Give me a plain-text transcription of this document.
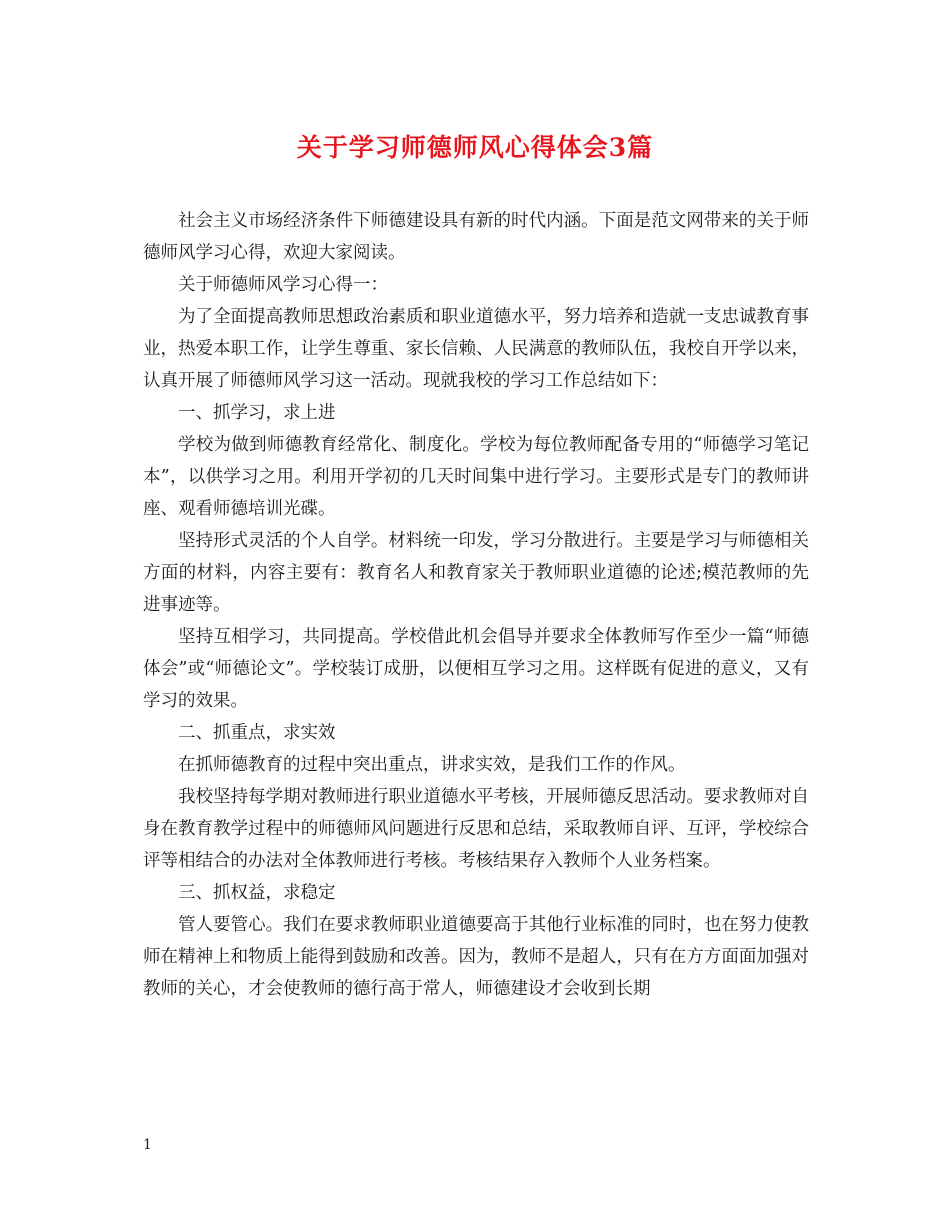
关于学习师德师风心得体会3篇

社会主义市场经济条件下师德建设具有新的时代内涵。下面是范文网带来的关于师德师风学习心得，欢迎大家阅读。

关于师德师风学习心得一：

为了全面提高教师思想政治素质和职业道德水平，努力培养和造就一支忠诚教育事业，热爱本职工作，让学生尊重、家长信赖、人民满意的教师队伍，我校自开学以来，认真开展了师德师风学习这一活动。现就我校的学习工作总结如下：

一、抓学习，求上进

学校为做到师德教育经常化、制度化。学校为每位教师配备专用的“师德学习笔记本”，以供学习之用。利用开学初的几天时间集中进行学习。主要形式是专门的教师讲座、观看师德培训光碟。

坚持形式灵活的个人自学。材料统一印发，学习分散进行。主要是学习与师德相关方面的材料，内容主要有：教育名人和教育家关于教师职业道德的论述;模范教师的先进事迹等。

坚持互相学习，共同提高。学校借此机会倡导并要求全体教师写作至少一篇“师德体会”或“师德论文”。学校装订成册，以便相互学习之用。这样既有促进的意义，又有学习的效果。

二、抓重点，求实效

在抓师德教育的过程中突出重点，讲求实效，是我们工作的作风。

我校坚持每学期对教师进行职业道德水平考核，开展师德反思活动。要求教师对自身在教育教学过程中的师德师风问题进行反思和总结，采取教师自评、互评，学校综合评等相结合的办法对全体教师进行考核。考核结果存入教师个人业务档案。

三、抓权益，求稳定

管人要管心。我们在要求教师职业道德要高于其他行业标准的同时，也在努力使教师在精神上和物质上能得到鼓励和改善。因为，教师不是超人，只有在方方面面加强对教师的关心，才会使教师的德行高于常人，师德建设才会收到长期

1
